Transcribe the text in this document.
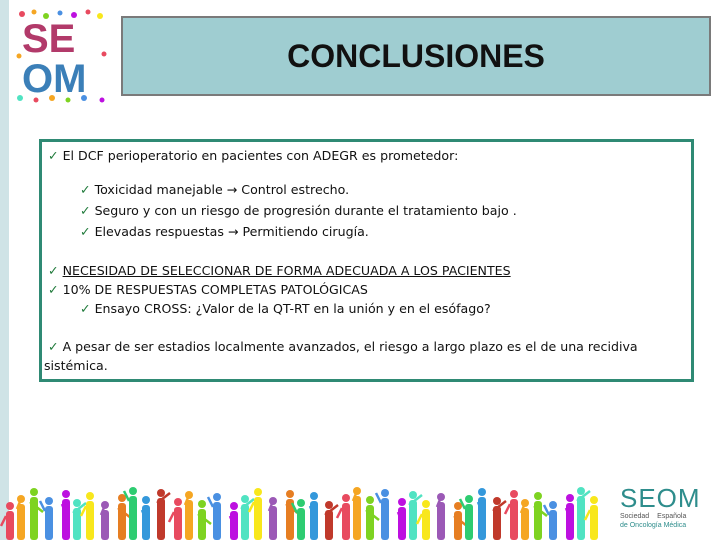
SE
OM
CONCLUSIONES
✓ El DCF perioperatorio en pacientes con ADEGR es prometedor:
✓ Toxicidad manejable → Control estrecho.
✓ Seguro y con un riesgo de progresión durante el tratamiento bajo .
✓ Elevadas respuestas → Permitiendo cirugía.
✓ NECESIDAD DE SELECCIONAR DE FORMA ADECUADA A LOS PACIENTES
✓ 10% DE RESPUESTAS COMPLETAS PATOLÓGICAS
✓ Ensayo CROSS: ¿Valor de la QT-RT en la unión y en el esófago?
✓ A pesar de ser estadios localmente avanzados, el riesgo a largo plazo es el de una recidiva
sistémica.
SEOM
Sociedad Española
de Oncología Médica
